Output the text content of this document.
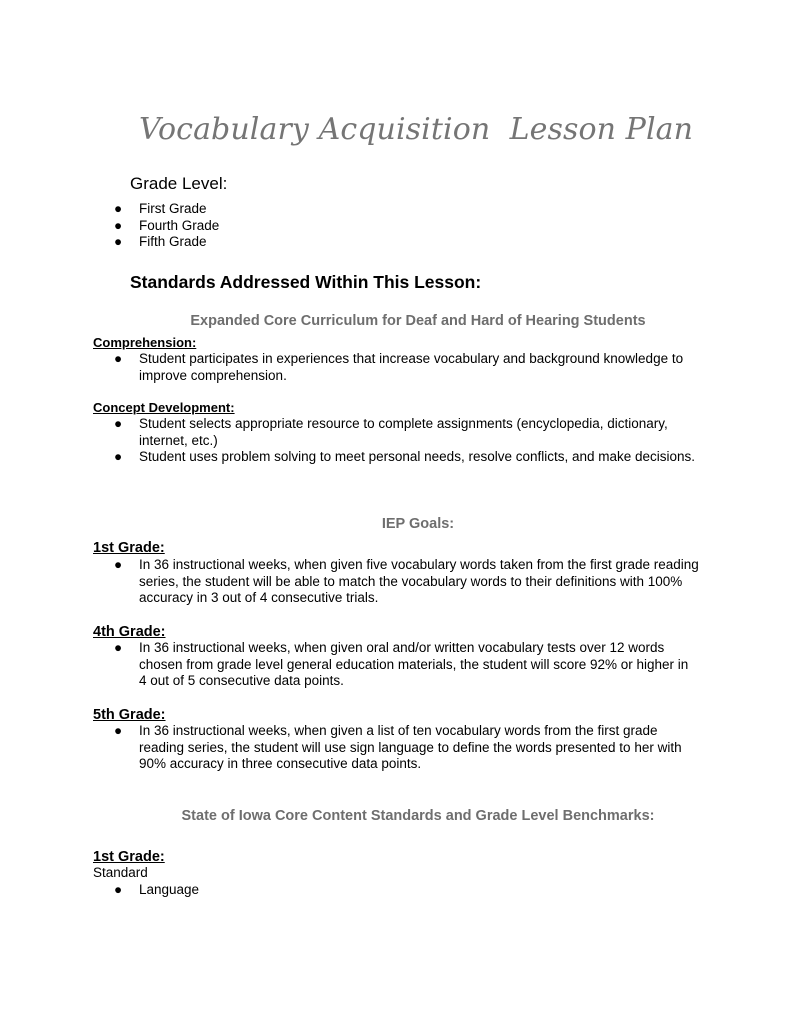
Vocabulary Acquisition  Lesson Plan
Grade Level:
● First Grade
● Fourth Grade
● Fifth Grade
Standards Addressed Within This Lesson:
Expanded Core Curriculum for Deaf and Hard of Hearing Students

Comprehension:

● Student participates in experiences that increase vocabulary and background knowledge to improve comprehension.

Concept Development:

● Student selects appropriate resource to complete assignments (encyclopedia, dictionary, internet, etc.)
● Student uses problem solving to meet personal needs, resolve conflicts, and make decisions.
IEP Goals:

1st Grade:

● In 36 instructional weeks, when given five vocabulary words taken from the first grade reading series, the student will be able to match the vocabulary words to their definitions with 100% accuracy in 3 out of 4 consecutive trials.

4th Grade:

● In 36 instructional weeks, when given oral and/or written vocabulary tests over 12 words chosen from grade level general education materials, the student will score 92% or higher in 4 out of 5 consecutive data points.

5th Grade:

● In 36 instructional weeks, when given a list of ten vocabulary words from the first grade reading series, the student will use sign language to define the words presented to her with 90% accuracy in three consecutive data points.
State of Iowa Core Content Standards and Grade Level Benchmarks:

1st Grade:

Standard

● Language
